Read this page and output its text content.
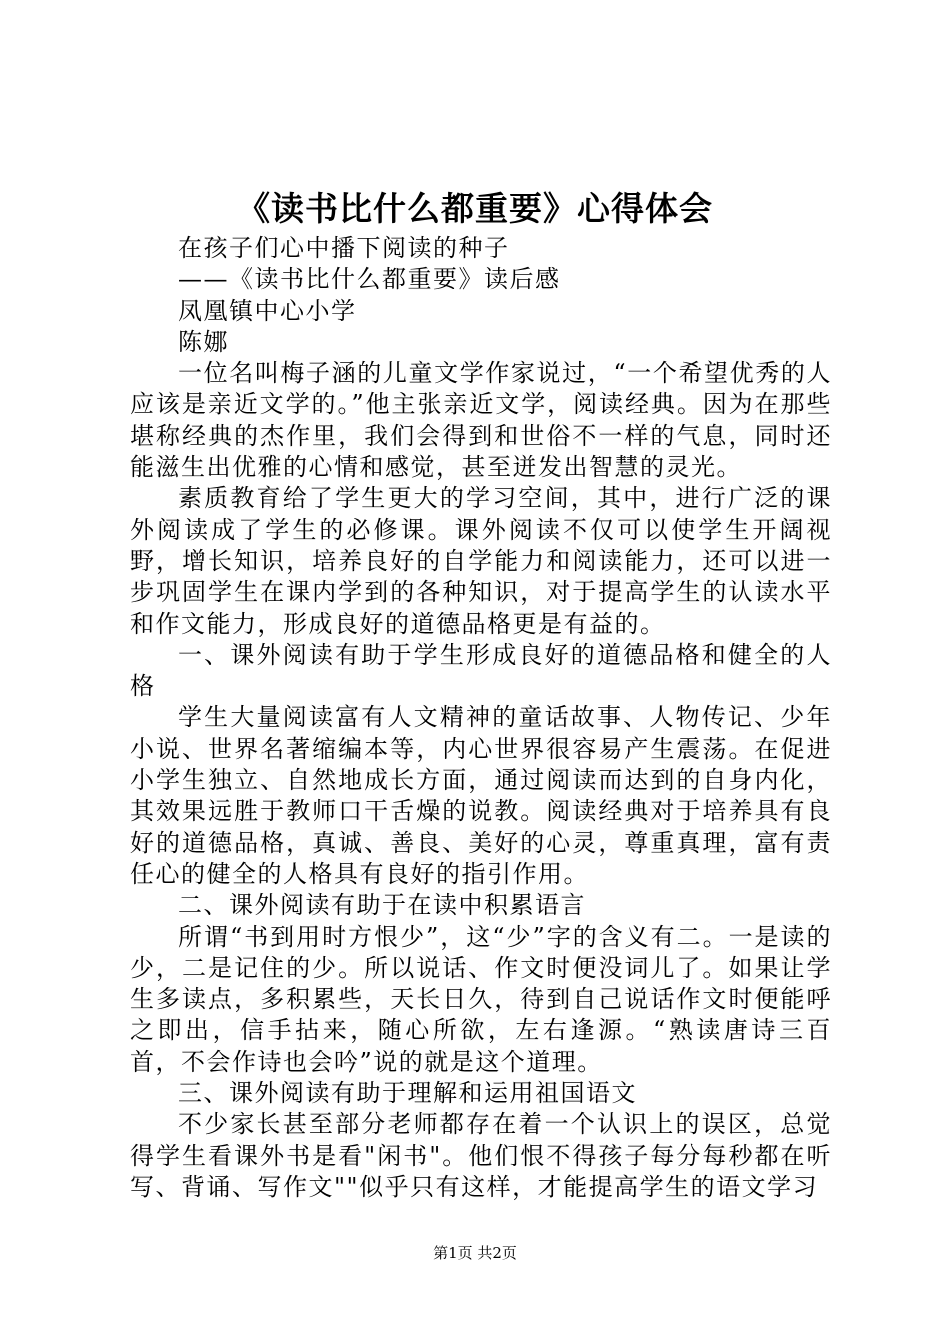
《读书比什么都重要》心得体会

在孩子们心中播下阅读的种子

——《读书比什么都重要》读后感

凤凰镇中心小学

陈娜

一位名叫梅子涵的儿童文学作家说过，“一个希望优秀的人应该是亲近文学的。”他主张亲近文学，阅读经典。因为在那些堪称经典的杰作里，我们会得到和世俗不一样的气息，同时还能滋生出优雅的心情和感觉，甚至迸发出智慧的灵光。

素质教育给了学生更大的学习空间，其中，进行广泛的课外阅读成了学生的必修课。课外阅读不仅可以使学生开阔视野，增长知识，培养良好的自学能力和阅读能力，还可以进一步巩固学生在课内学到的各种知识，对于提高学生的认读水平和作文能力，形成良好的道德品格更是有益的。

一、课外阅读有助于学生形成良好的道德品格和健全的人格

学生大量阅读富有人文精神的童话故事、人物传记、少年小说、世界名著缩编本等，内心世界很容易产生震荡。在促进小学生独立、自然地成长方面，通过阅读而达到的自身内化，其效果远胜于教师口干舌燥的说教。阅读经典对于培养具有良好的道德品格，真诚、善良、美好的心灵，尊重真理，富有责任心的健全的人格具有良好的指引作用。

二、课外阅读有助于在读中积累语言

所谓“书到用时方恨少”，这“少”字的含义有二。一是读的少，二是记住的少。所以说话、作文时便没词儿了。如果让学生多读点，多积累些，天长日久，待到自己说话作文时便能呼之即出，信手拈来，随心所欲，左右逢源。“熟读唐诗三百首，不会作诗也会吟”说的就是这个道理。

三、课外阅读有助于理解和运用祖国语文

不少家长甚至部分老师都存在着一个认识上的误区，总觉得学生看课外书是看"闲书"。他们恨不得孩子每分每秒都在听写、背诵、写作文""似乎只有这样，才能提高学生的语文学习

第1页 共2页
